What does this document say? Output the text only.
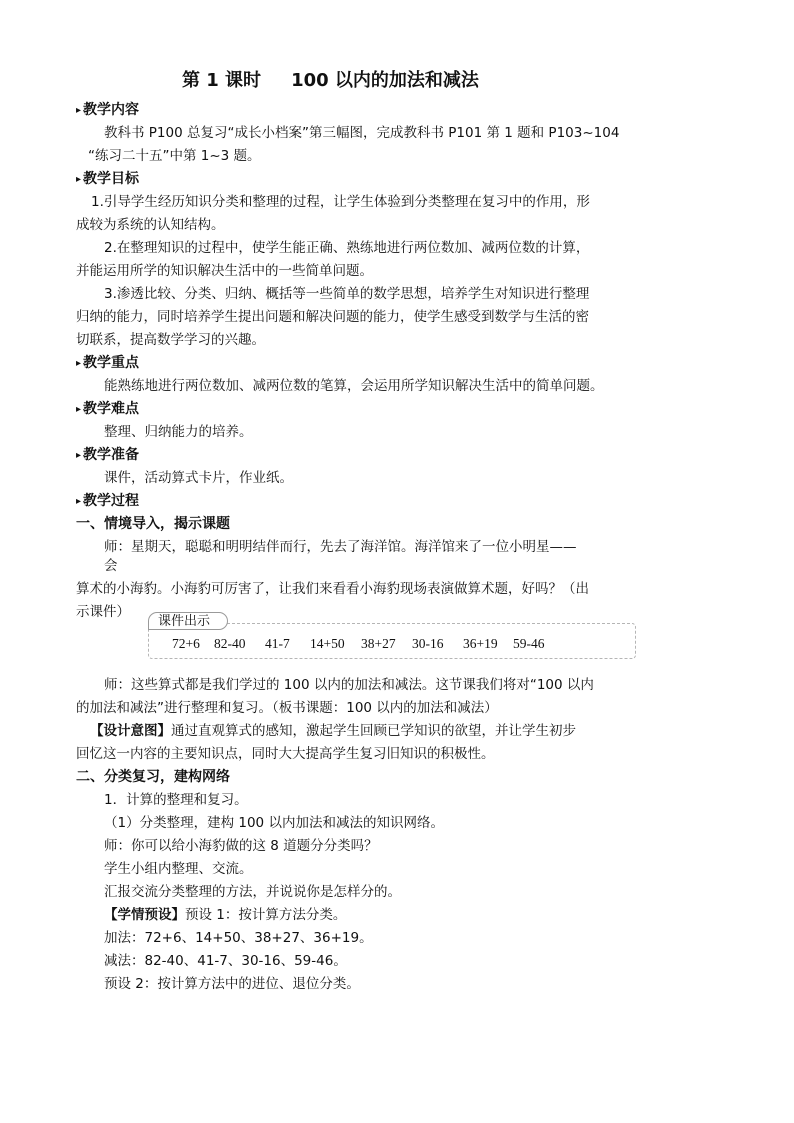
第 1 课时 100 以内的加法和减法
▸ 教学内容
教科书 P100 总复习“成长小档案”第三幅图，完成教科书 P101 第 1 题和 P103~104
“练习二十五”中第 1~3 题。
▸ 教学目标
1.引导学生经历知识分类和整理的过程，让学生体验到分类整理在复习中的作用，形
成较为系统的认知结构。
2.在整理知识的过程中，使学生能正确、熟练地进行两位数加、减两位数的计算，
并能运用所学的知识解决生活中的一些简单问题。
3.渗透比较、分类、归纳、概括等一些简单的数学思想，培养学生对知识进行整理
归纳的能力，同时培养学生提出问题和解决问题的能力，使学生感受到数学与生活的密
切联系，提高数学学习的兴趣。
▸ 教学重点
能熟练地进行两位数加、减两位数的笔算，会运用所学知识解决生活中的简单问题。
▸ 教学难点
整理、归纳能力的培养。
▸ 教学准备
课件，活动算式卡片，作业纸。
▸ 教学过程
一、情境导入，揭示课题
师：星期天，聪聪和明明结伴而行，先去了海洋馆。海洋馆来了一位小明星——
会
算术的小海豹。小海豹可厉害了，让我们来看看小海豹现场表演做算术题，好吗？（出
示课件）
课件出示
72+6 82-40 41-7 14+50 38+27 30-16 36+19 59-46
师：这些算式都是我们学过的 100 以内的加法和减法。这节课我们将对“100 以内
的加法和减法”进行整理和复习。（板书课题：100 以内的加法和减法）
【设计意图】通过直观算式的感知，激起学生回顾已学知识的欲望，并让学生初步
回忆这一内容的主要知识点，同时大大提高学生复习旧知识的积极性。
二、分类复习，建构网络
1．计算的整理和复习。
（1）分类整理，建构 100 以内加法和减法的知识网络。
师：你可以给小海豹做的这 8 道题分分类吗？
学生小组内整理、交流。
汇报交流分类整理的方法，并说说你是怎样分的。
【学情预设】预设 1：按计算方法分类。
加法：72+6、14+50、38+27、36+19。
减法：82-40、41-7、30-16、59-46。
预设 2：按计算方法中的进位、退位分类。
